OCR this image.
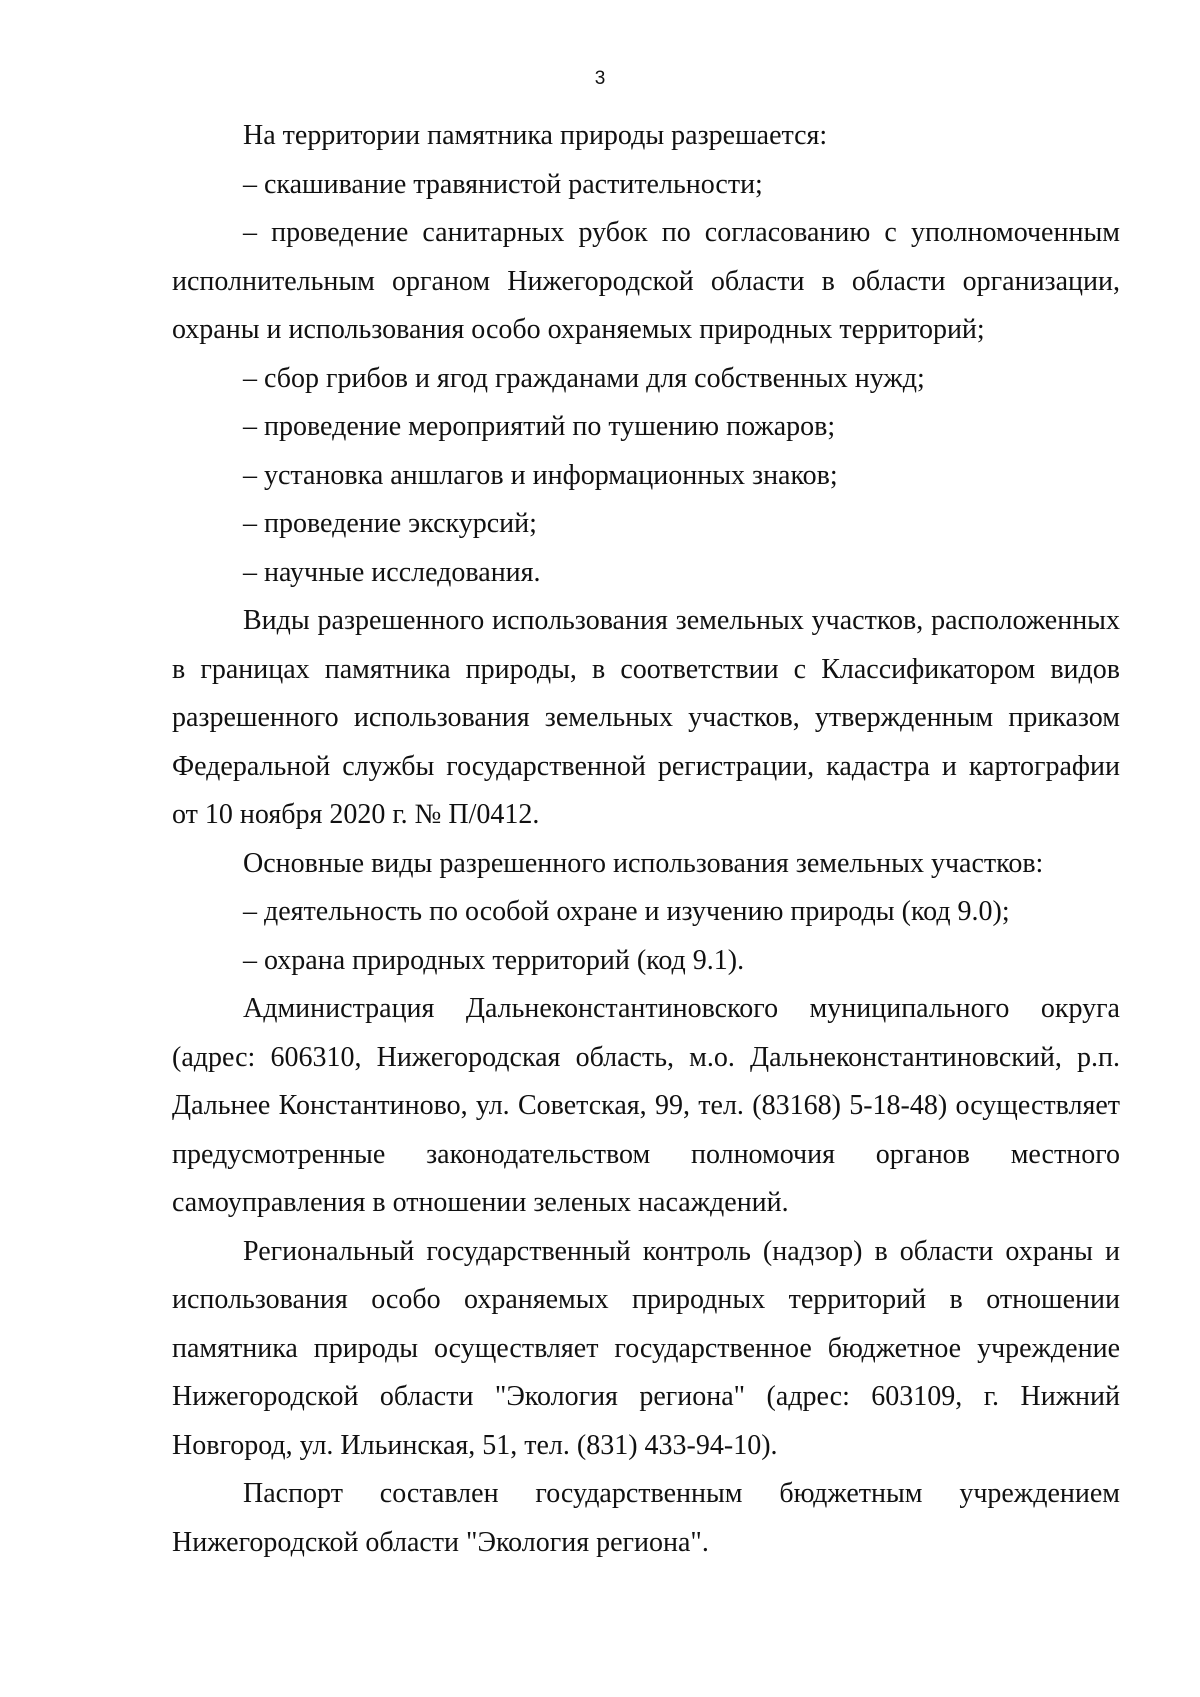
3

На территории памятника природы разрешается:

– скашивание травянистой растительности;

– проведение санитарных рубок по согласованию с уполномоченным исполнительным органом Нижегородской области в области организации, охраны и использования особо охраняемых природных территорий;

– сбор грибов и ягод гражданами для собственных нужд;

– проведение мероприятий по тушению пожаров;

– установка аншлагов и информационных знаков;

– проведение экскурсий;

– научные исследования.

Виды разрешенного использования земельных участков, расположенных в границах памятника природы, в соответствии с Классификатором видов разрешенного использования земельных участков, утвержденным приказом Федеральной службы государственной регистрации, кадастра и картографии от 10 ноября 2020 г. № П/0412.

Основные виды разрешенного использования земельных участков:

– деятельность по особой охране и изучению природы (код 9.0);

– охрана природных территорий (код 9.1).

Администрация Дальнеконстантиновского муниципального округа (адрес: 606310, Нижегородская область, м.о. Дальнеконстантиновский, р.п. Дальнее Константиново, ул. Советская, 99, тел. (83168) 5-18-48) осуществляет предусмотренные законодательством полномочия органов местного самоуправления в отношении зеленых насаждений.

Региональный государственный контроль (надзор) в области охраны и использования особо охраняемых природных территорий в отношении памятника природы осуществляет государственное бюджетное учреждение Нижегородской области "Экология региона" (адрес: 603109, г. Нижний Новгород, ул. Ильинская, 51, тел. (831) 433-94-10).

Паспорт составлен государственным бюджетным учреждением Нижегородской области "Экология региона".
